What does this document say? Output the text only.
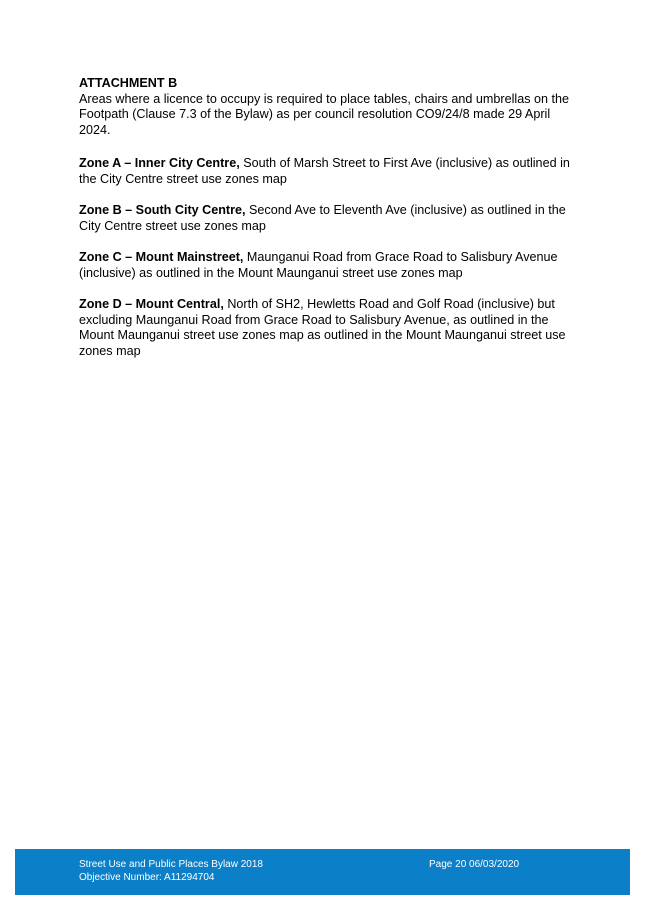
ATTACHMENT B

Areas where a licence to occupy is required to place tables, chairs and umbrellas on the Footpath (Clause 7.3 of the Bylaw) as per council resolution CO9/24/8 made 29 April 2024.

Zone A – Inner City Centre, South of Marsh Street to First Ave (inclusive) as outlined in the City Centre street use zones map

Zone B – South City Centre, Second Ave to Eleventh Ave (inclusive) as outlined in the City Centre street use zones map

Zone C – Mount Mainstreet, Maunganui Road from Grace Road to Salisbury Avenue (inclusive) as outlined in the Mount Maunganui street use zones map

Zone D – Mount Central, North of SH2, Hewletts Road and Golf Road (inclusive) but excluding Maunganui Road from Grace Road to Salisbury Avenue, as outlined in the Mount Maunganui street use zones map as outlined in the Mount Maunganui street use zones map

Street Use and Public Places Bylaw 2018
Objective Number: A11294704
Page 20 06/03/2020
